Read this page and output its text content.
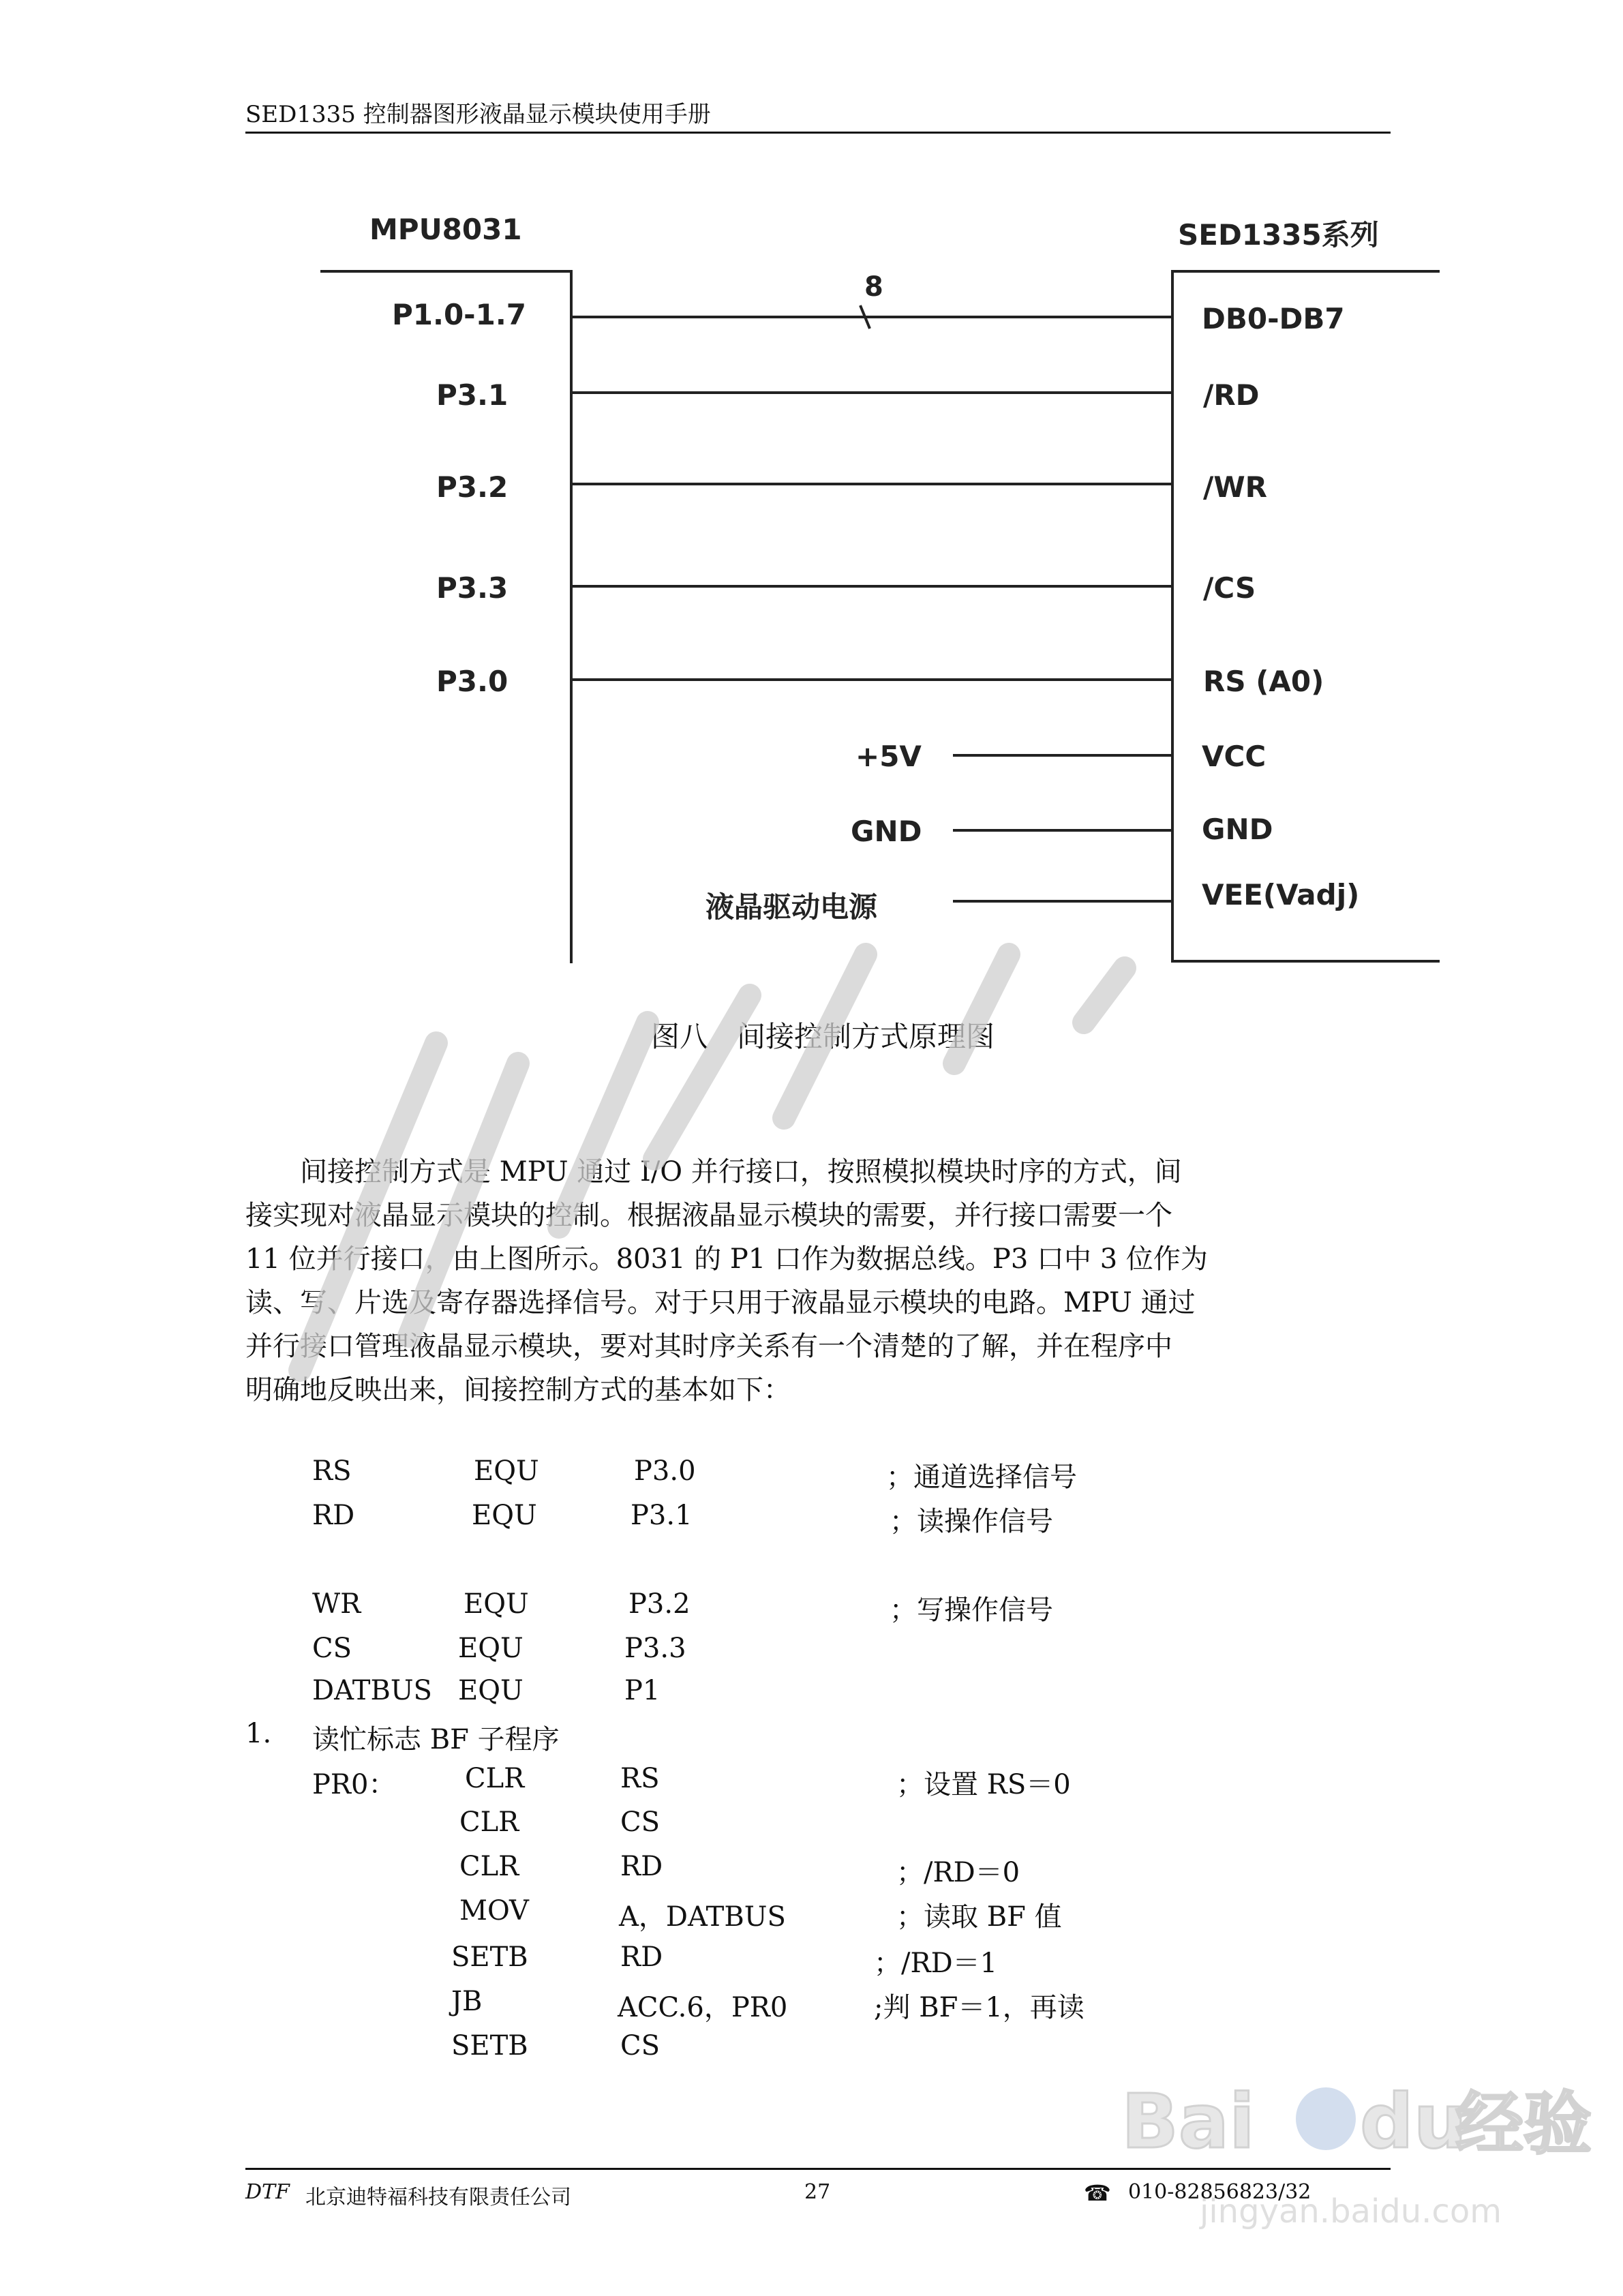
SED1335 控制器图形液晶显示模块使用手册
MPU8031	SED1335系列
8
P1.0-1.7
P3.1
P3.2
P3.3
P3.0
DB0-DB7
/RD
/WR
/CS
RS (A0)
VCC
GND
VEE(Vadj)
+5V
GND
液晶驱动电源
图八　间接控制方式原理图
　　间接控制方式是 MPU 通过 I/O 并行接口，按照模拟模块时序的方式，间
接实现对液晶显示模块的控制。根据液晶显示模块的需要，并行接口需要一个
11 位并行接口，由上图所示。8031 的 P1 口作为数据总线。P3 口中 3 位作为
读、写、片选及寄存器选择信号。对于只用于液晶显示模块的电路。MPU 通过
并行接口管理液晶显示模块，要对其时序关系有一个清楚的了解，并在程序中
明确地反映出来，间接控制方式的基本如下：
RS	EQU	P3.0	；通道选择信号
RD	EQU	P3.1	；读操作信号
WR	EQU	P3.2	；写操作信号
CS	EQU	P3.3
DATBUS EQU	P1
1. 读忙标志 BF 子程序
PR0：	CLR	RS	；设置 RS＝0
CLR	CS
CLR	RD	；/RD＝0
MOV	A，DATBUS	；读取 BF 值
SETB	RD	；/RD＝1
JB	ACC.6，PR0	;判 BF＝1，再读
SETB	CS
Bai du
经验
jingyan.baidu.com
DTF 北京迪特福科技有限责任公司	27	☎ 010-82856823/32
